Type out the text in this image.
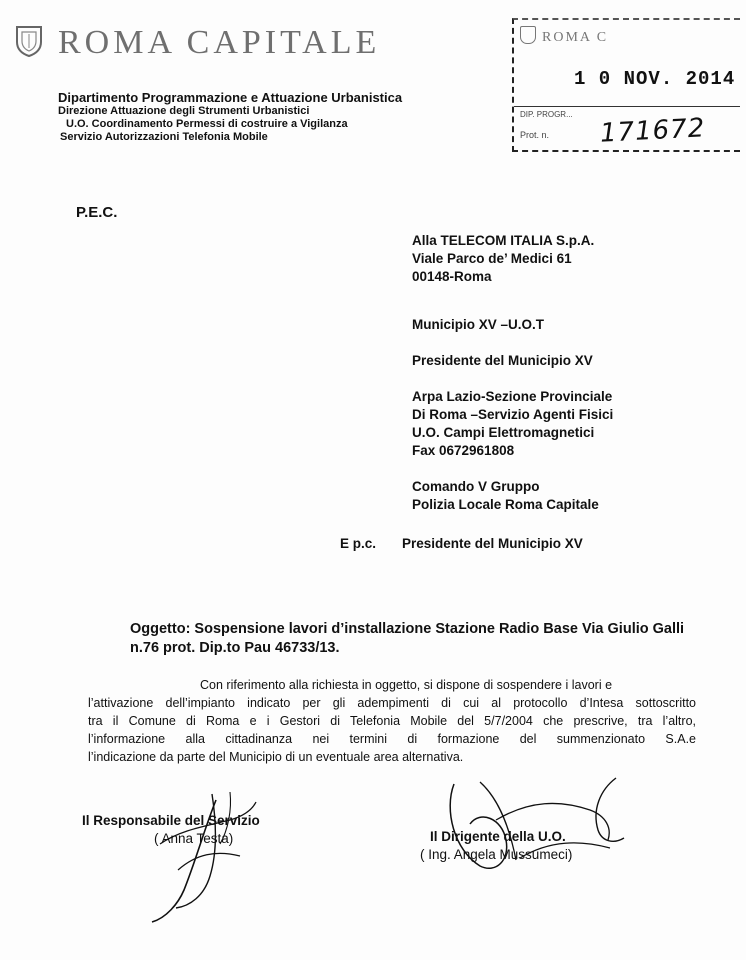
ROMA CAPITALE
Dipartimento Programmazione e Attuazione Urbanistica
Direzione Attuazione degli Strumenti Urbanistici
U.O. Coordinamento Permessi di costruire a Vigilanza
Servizio Autorizzazioni Telefonia Mobile
ROMA C
1 0 NOV. 2014
DIP. PROGR...
Prot. n. 171672
P.E.C.
Alla TELECOM ITALIA S.p.A.
Viale Parco de’ Medici 61
00148-Roma
Municipio XV –U.O.T
Presidente del Municipio XV
Arpa Lazio-Sezione Provinciale
Di Roma –Servizio Agenti Fisici
U.O. Campi Elettromagnetici
Fax 0672961808
Comando V Gruppo
Polizia Locale Roma Capitale
E p.c. Presidente del Municipio XV
Oggetto: Sospensione lavori d’installazione Stazione Radio Base Via Giulio Galli
n.76 prot. Dip.to Pau 46733/13.
Con riferimento alla richiesta in oggetto, si dispone di sospendere i lavori e
l’attivazione dell’impianto indicato per gli adempimenti di cui al protocollo d’Intesa sottoscritto
tra il Comune di Roma e i Gestori di Telefonia Mobile del 5/7/2004 che prescrive, tra l’altro,
l’informazione alla cittadinanza nei termini di formazione del summenzionato S.A.e
l’indicazione da parte del Municipio di un eventuale area alternativa.
Il Responsabile del Servizio
( Anna Testa)	Il Dirigente della U.O.
( Ing. Angela Mussumeci)
